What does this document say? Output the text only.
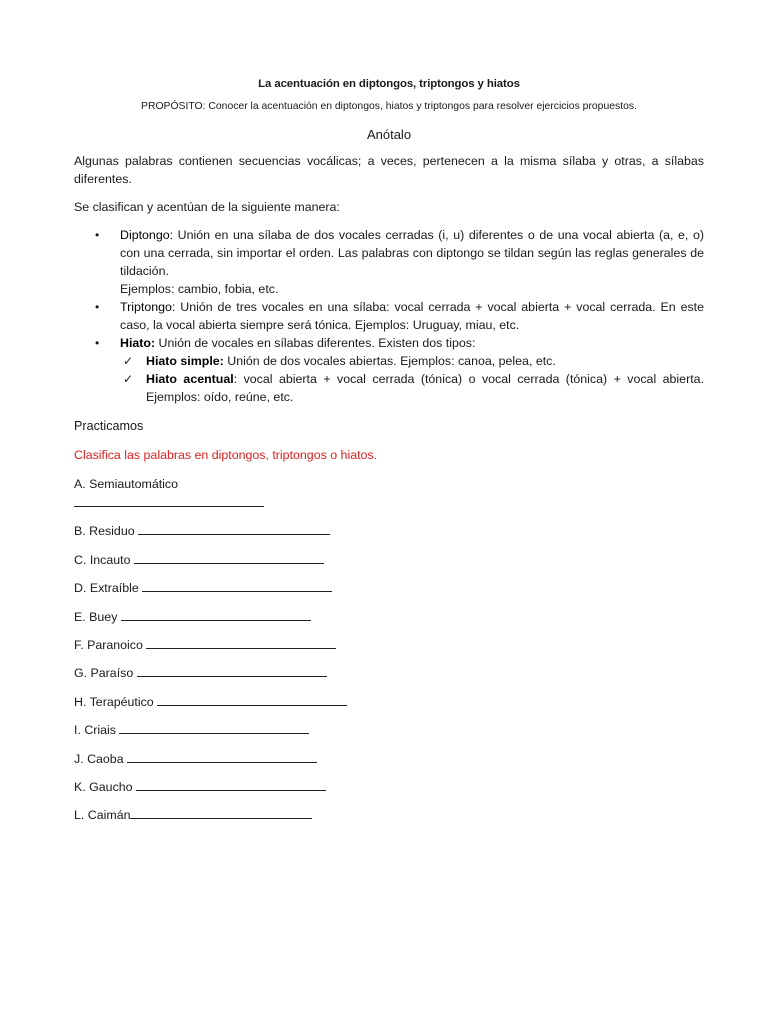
La acentuación en diptongos, triptongos y hiatos
PROPÓSITO: Conocer la acentuación en diptongos, hiatos y triptongos para resolver ejercicios propuestos.
Anótalo

Algunas palabras contienen secuencias vocálicas; a veces, pertenecen a la misma sílaba y otras, a sílabas diferentes.

Se clasifican y acentúan de la siguiente manera:

• Diptongo: Unión en una sílaba de dos vocales cerradas (i, u) diferentes o de una vocal abierta (a, e, o) con una cerrada, sin importar el orden. Las palabras con diptongo se tildan según las reglas generales de tildación.
Ejemplos: cambio, fobia, etc.
• Triptongo: Unión de tres vocales en una sílaba: vocal cerrada + vocal abierta + vocal cerrada. En este caso, la vocal abierta siempre será tónica. Ejemplos: Uruguay, miau, etc.
• Hiato: Unión de vocales en sílabas diferentes. Existen dos tipos:
✓ Hiato simple: Unión de dos vocales abiertas. Ejemplos: canoa, pelea, etc.
✓ Hiato acentual: vocal abierta + vocal cerrada (tónica) o vocal cerrada (tónica) + vocal abierta. Ejemplos: oído, reúne, etc.
Practicamos
Clasifica las palabras en diptongos, triptongos o hiatos.
A. Semiautomático

B. Residuo
C. Incauto
D. Extraíble
E. Buey
F. Paranoico
G. Paraíso
H. Terapéutico
I. Criais
J. Caoba
K. Gaucho
L. Caimán
